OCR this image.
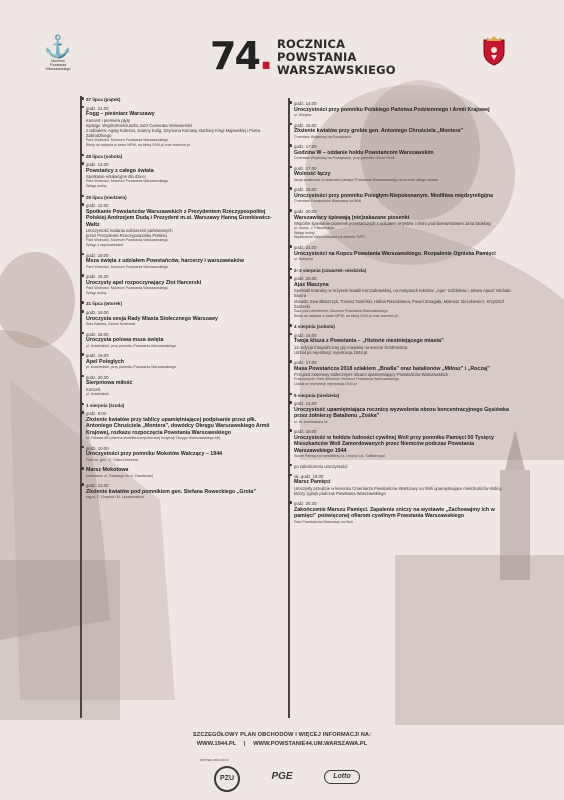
⚓
Muzeum
Powstania
Warszawskiego	74. ROCZNICA
POWSTANIA
WARSZAWSKIEGO
27 lipca (piątek)
godz. 21.00
Fogg – pieśniarz Warszawy
Koncert i premiera płyty
wystąpi: Wojsko/Kościuszko Jazz Camerata Varsoviensis
z udziałem: Agaty Kulesza, Joanny Kulig, Szymona Komasy, Barbary Kingi Majewskiej i Piotra Zabrodzkiego
Park Wolności, Muzeum Powstania Warszawskiego
Bilety do nabycia w kasie MPW, na bilety.1944.pl oraz ewenkm.pl
28 lipca (sobota)
godz. 14.00
Powstańcy z całego świata
Spotkanie edukacyjne dla dzieci
Park Wolności, Muzeum Powstania Warszawskiego
Wstęp wolny
29 lipca (niedziela)
godz. 12.00
Spotkanie Powstańców Warszawskich z Prezydentem Rzeczypospolitej Polskiej Andrzejem Dudą i Prezydent m.st. Warszawy Hanną Gronkiewicz-Waltz
Uroczystość nadania odznaczeń państwowych
przez Prezydenta Rzeczypospolitej Polskiej
Park Wolności, Muzeum Powstania Warszawskiego
Wstęp z zaproszeniami
godz. 18.00
Msza święta z udziałem Powstańców, harcerzy i warszawiaków
Park Wolności, Muzeum Powstania Warszawskiego
godz. 19.30
Uroczysty apel rozpoczynający Złot Harcerski
Park Wolności, Muzeum Powstania Warszawskiego
Wstęp wolny
31 lipca (wtorek)
godz. 18.00
Uroczysta sesja Rady Miasta Stołecznego Warszawy
Sala Balowa, Zamek Królewski
godz. 18.00
Uroczysta polowa msza święta
pl. Krasińskich, przy pomniku Powstania Warszawskiego
godz. 19.00
Apel Poległych
pl. Krasińskich, przy pomniku Powstania Warszawskiego
godz. 20.30
Sierpniowa miłość
Koncert
pl. Krasińskich
1 sierpnia (środa)
godz. 9.00
Złożenie kwiatów przy tablicy upamiętniającej podpisanie przez płk. Antoniego Chruściela „Montera", dowódcy Okręgu Warszawskiego Armii Krajowej, rozkazu rozpoczęcia Powstania Warszawskiego
ul. Filtrowa 68 (obecna siedziba komputerowej Instytucji Okręgu Warszawskiego AK)
godz. 10.00
Uroczystości przy pomniku Mokotów Walczący – 1944
Park im. gen. G. Orlicz-Dreszera
Marsz Mokotowa
przemarsz ul. Polowego do ul. Dworkowej
godz. 13.30
Złożenie kwiatów pod pomnikiem gen. Stefana Roweckiego „Grota"
róg ul. F. Chopina i Al. Ujazdowskich
godz. 14.00
Uroczystości przy pomniku Polskiego Państwa Podziemnego i Armii Krajowej
ul. Wiejska
godz. 16.00
Złożenie kwiatów przy grobie gen. Antoniego Chruściela „Montera"
Cmentarz Wojskowy na Powązkach
godz. 17.00
Godzina W – oddanie hołdu Powstańcom Warszawskim
Cmentarz Wojskowy na Powązkach, przy pomniku Gloria Victis
godz. 17.00
Wolność łączy
Akcja społeczna w miejscach pamięci Powstania Warszawskiego na terenie całego miasta
godz. 19.00
Uroczystości przy pomniku Poległym-Niepokonanym. Modlitwa międzyreligijna
Cmentarz Powstańców Warszawy na Woli
godz. 20.00
Warszawiacy śpiewają (nie)zakazane piosenki
Wspólne śpiewanie piosenek powstańczych z udziałem artystów i chóru pod kierownictwem Jana Stokłosy
pl. marsz. J. Piłsudskiego
Wstęp wolny
Wydarzenie transmitowane na antenie TVP1
godz. 21.00
Uroczystości na Kopcu Powstania Warszawskiego. Rozpalenie Ogniska Pamięci
ul. Bartycka
2–3 sierpnia (czwartek–niedziela)
godz. 20.00
Ajax Maszyna
Spektakl teatralny w reżyserii Natalii Korczakowskiej, na motywach tekstów: „Ajax" Sofoklesa i „Mewa Ajaxa" Michała Bajora
obsada: Ewa Błaszczyk, Tomasz Nosiński, Halina Rasiakówna, Paweł Smagała, Mateusz Sieczkiewicz, Krzysztof Zarzecki
Sala pod Liberatorem, Muzeum Powstania Warszawskiego
Bilety do nabycia w kasie MPW, na bilety.1944.pl oraz ewenkm.pl
4 sierpnia (sobota)
godz. 15.00
Twoja klisza z Powstania – „Historie niestniejącego miasta"
12. edycja fotograficznej gry miejskiej na terenie Śródmieścia
Udział po rejestracji: rejestracja.1944.pl
godz. 17.00
Masa Powstańcza 2018 szlakiem „Bradla" oraz batalionów „Miłosz" i „Roczaj"
Przejazd rowerowy stołecznymi ulicami upamiętniający Powstańców Warszawskich
Rozpoczęcie: Park Wolności, Muzeum Powstania Warszawskiego
Udział po rejestracji: rejestracja.1944.pl
5 sierpnia (niedziela)
godz. 14.00
Uroczystość upamiętniająca rocznicę wyzwolenia obozu koncentracyjnego Gęsiówka przez żołnierzy Batalionu „Zośka"
ul. M. Anielewicza 34
godz. 18.00
Uroczystość w hołdzie ludności cywilnej Woli przy pomniku Pamięci 50 Tysięcy Mieszkańców Woli Zamordowanych przez Niemców podczas Powstania Warszawskiego 1944
Skwer Pamięci w rozwidleniu ul. Leszno i al. Solidarności
po zakończeniu uroczystości:
ok. godz. 19.00
Marsz Pamięci
Uroczysty przejście w kierunku Cmentarza Powstańców Warszawy na Woli upamiętniające mieszkańców stolicy, którzy zginęli podczas Powstania Warszawskiego
godz. 20.30
Zakończenie Marszu Pamięci. Zapalenie zniczy na wystawie „Zachowajmy ich w pamięci" poświęconej ofiarom cywilnym Powstania Warszawskiego
Park Powstańców Warszawy na Woli
SZCZEGÓŁOWY PLAN OBCHODÓW I WIĘCEJ INFORMACJI NA:
WWW.1944.PL | WWW.POWSTANIE44.UM.WARSZAWA.PL
PARTNER OBCHODÓW
PZU	PGE	Lotto
